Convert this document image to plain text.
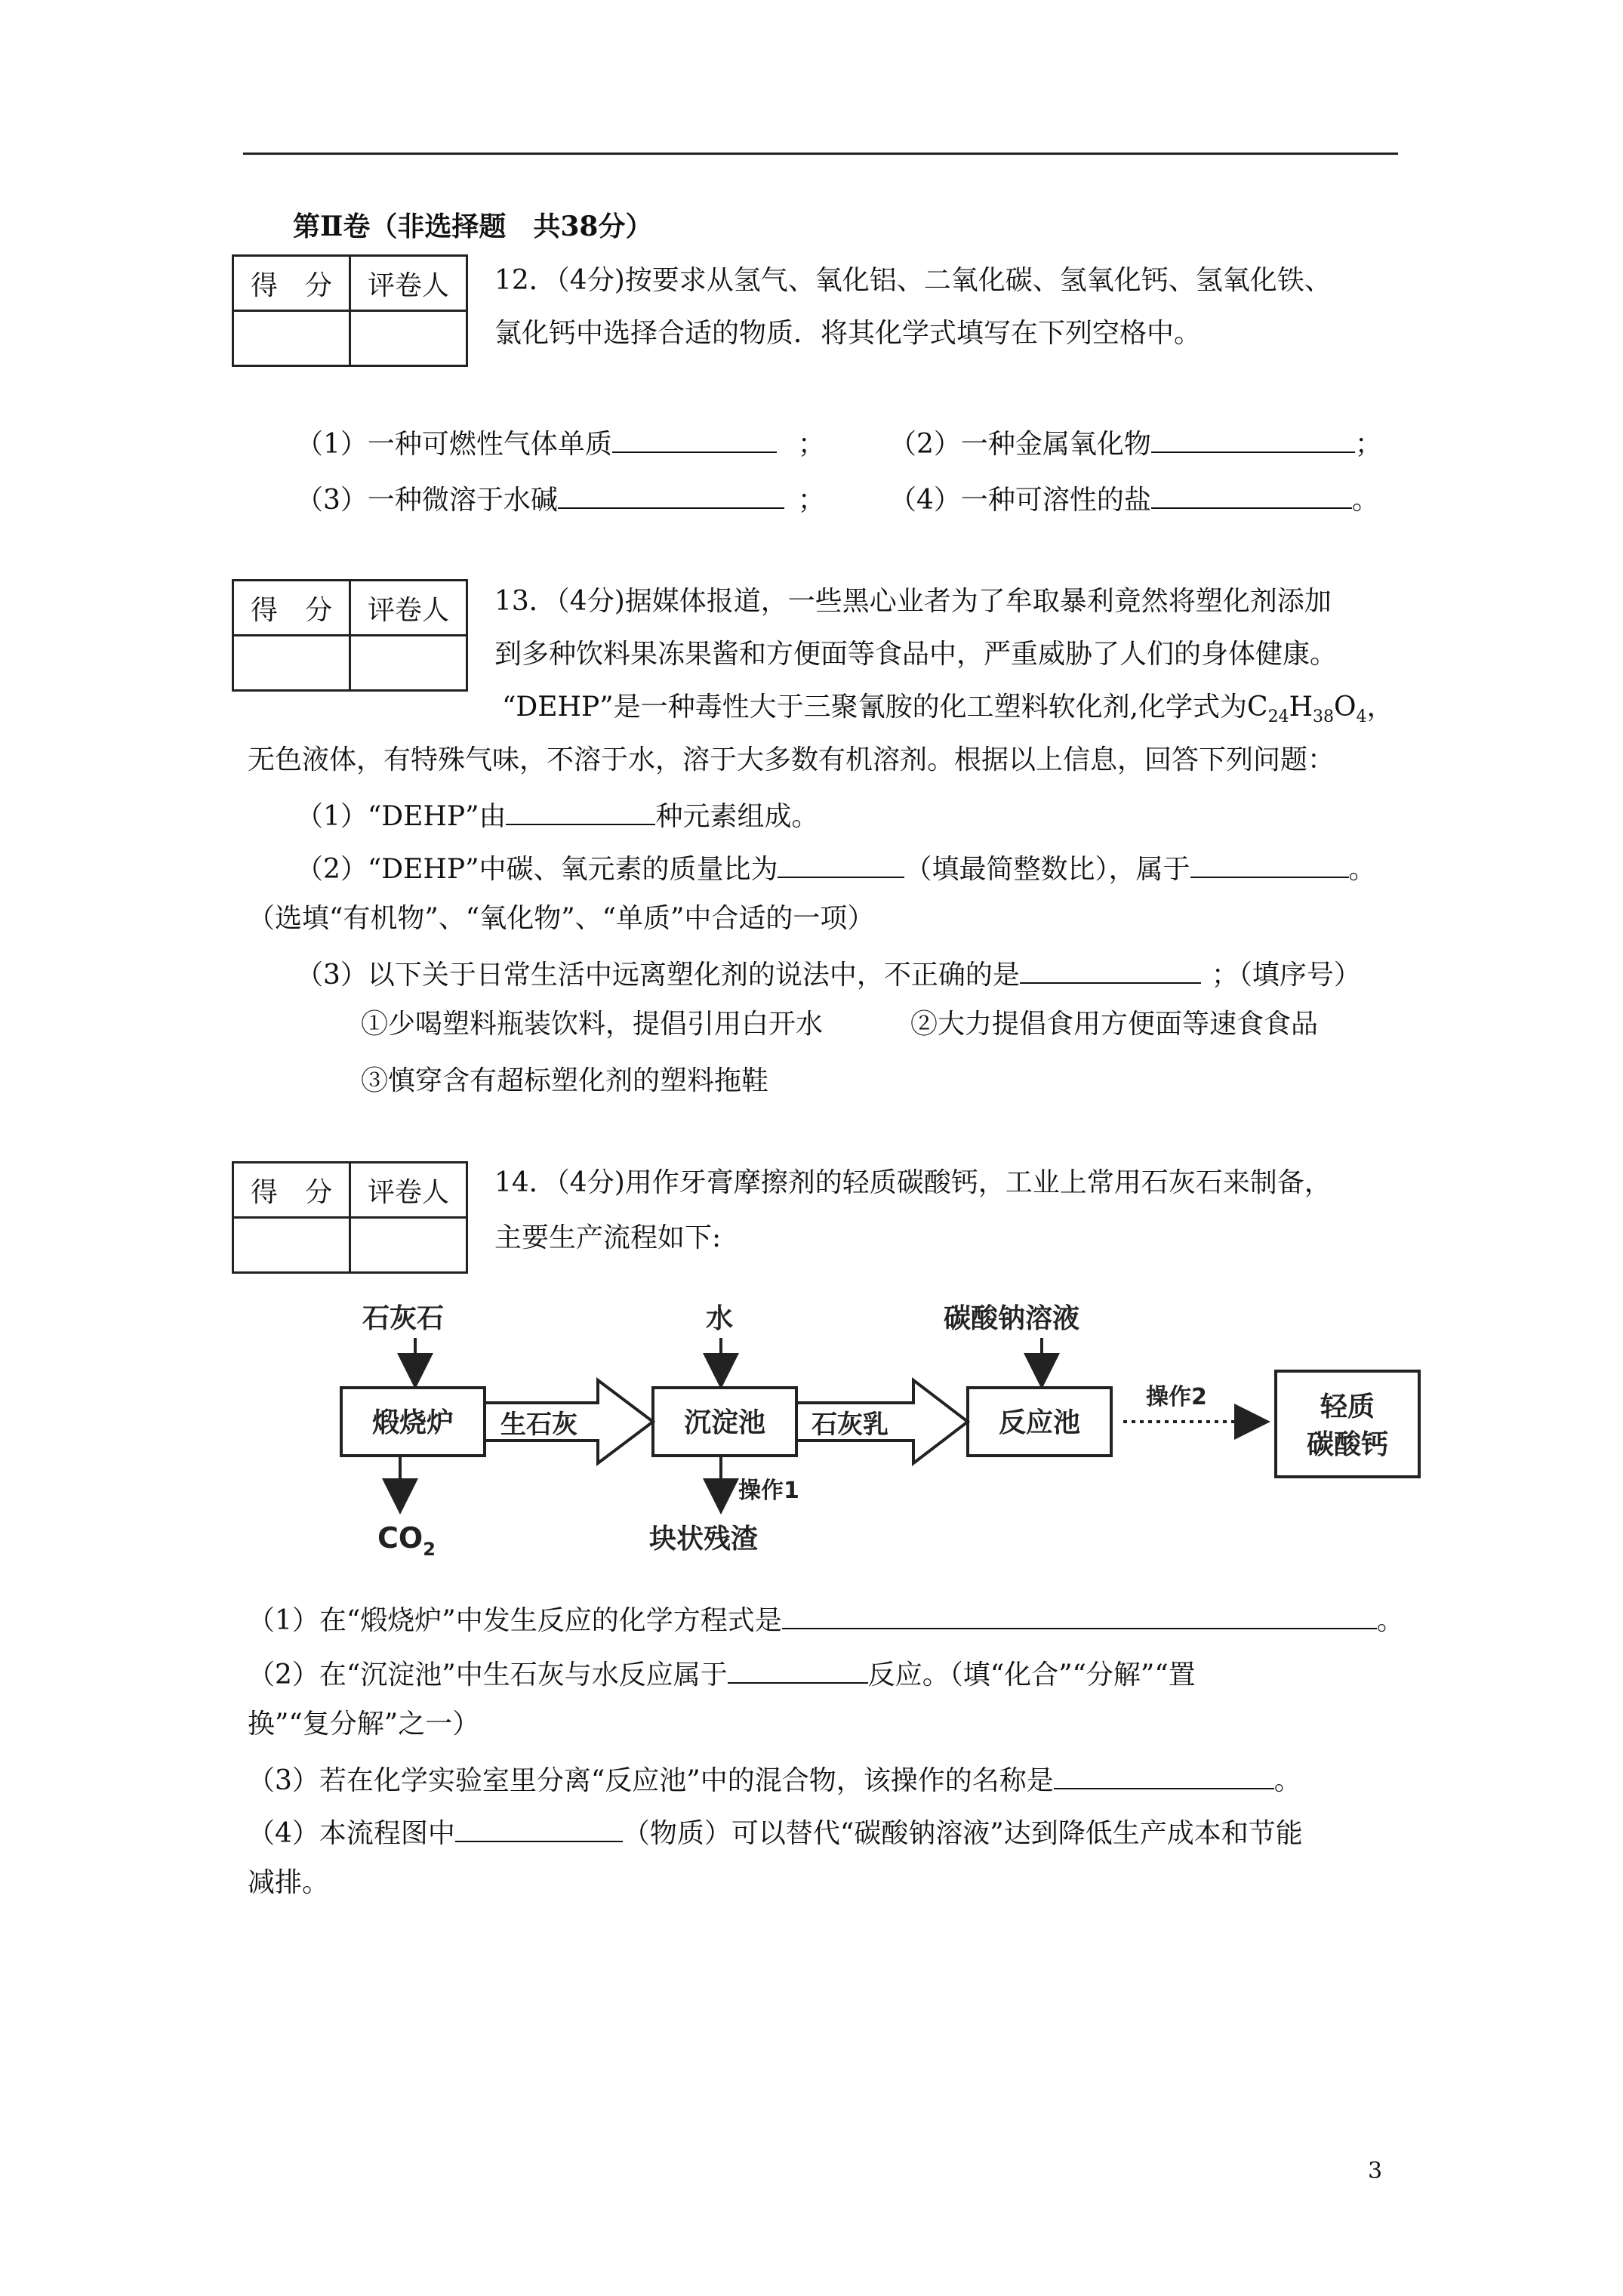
第Ⅱ卷（非选择题　共38分）
得　分	评卷人
	12．（4分)按要求从氢气、氧化铝、二氧化碳、氢氧化钙、氢氧化铁、
氯化钙中选择合适的物质．将其化学式填写在下列空格中。
（1）一种可燃性气体单质	； （2）一种金属氧化物	；
（3）一种微溶于水碱	； （4）一种可溶性的盐	。
得　分	评卷人
	13．（4分)据媒体报道，一些黑心业者为了牟取暴利竟然将塑化剂添加
到多种饮料果冻果酱和方便面等食品中，严重威胁了人们的身体健康。
“DEHP”是一种毒性大于三聚氰胺的化工塑料软化剂,化学式为$C_{24}H_{38}O_4$，
无色液体，有特殊气味，不溶于水，溶于大多数有机溶剂。根据以上信息，回答下列问题：
（1）“DEHP”由	种元素组成。
（2）“DEHP”中碳、氧元素的质量比为	（填最简整数比），属于	。
（选填“有机物”、“氧化物”、“单质”中合适的一项）
（3）以下关于日常生活中远离塑化剂的说法中，不正确的是	；（填序号）
①少喝塑料瓶装饮料，提倡引用白开水	②大力提倡食用方便面等速食食品
③慎穿含有超标塑化剂的塑料拖鞋
得　分	评卷人
	14．（4分)用作牙膏摩擦剂的轻质碳酸钙，工业上常用石灰石来制备，
主要生产流程如下:
石灰石	水	碳酸钠溶液
煅烧炉	沉淀池	反应池
轻质
碳酸钙
生石灰	石灰乳
操作2
$CO_2$
操作1
块状残渣
（1）在“煅烧炉”中发生反应的化学方程式是	。
（2）在“沉淀池”中生石灰与水反应属于	反应。（填“化合”“分解”“置
换”“复分解”之一）
（3）若在化学实验室里分离“反应池”中的混合物，该操作的名称是	。
（4）本流程图中	（物质）可以替代“碳酸钠溶液”达到降低生产成本和节能
减排。
3
